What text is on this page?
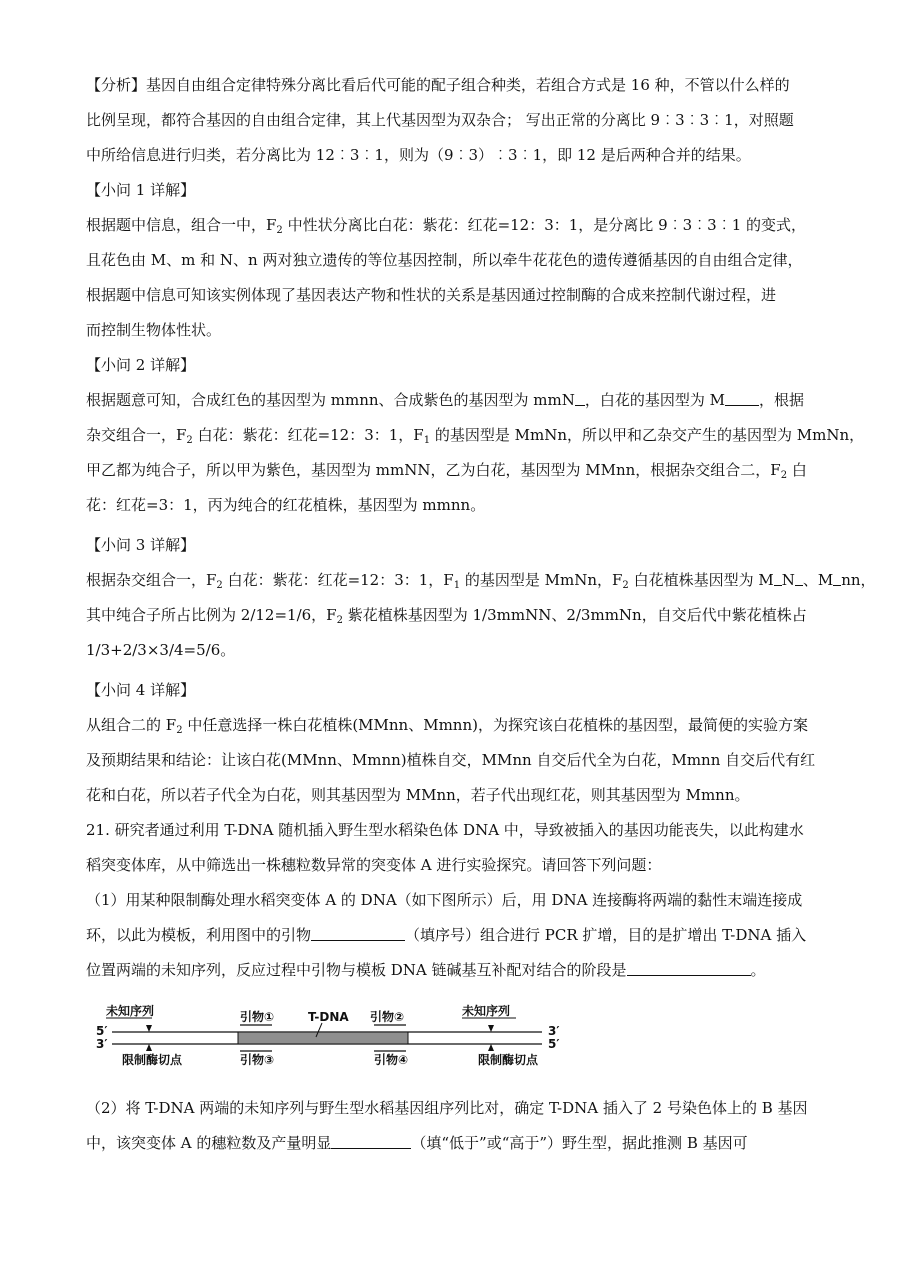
【分析】基因自由组合定律特殊分离比看后代可能的配子组合种类，若组合方式是 16 种，不管以什么样的
比例呈现，都符合基因的自由组合定律，其上代基因型为双杂合； 写出正常的分离比 9︰3︰3︰1，对照题
中所给信息进行归类，若分离比为 12︰3︰1，则为（9︰3）︰3︰1，即 12 是后两种合并的结果。
【小问 1 详解】
根据题中信息，组合一中，$F_2$ 中性状分离比白花：紫花：红花=12：3：1，是分离比 9︰3︰3︰1 的变式，
且花色由 M、m 和 N、n 两对独立遗传的等位基因控制，所以牵牛花花色的遗传遵循基因的自由组合定律，
根据题中信息可知该实例体现了基因表达产物和性状的关系是基因通过控制酶的合成来控制代谢过程，进
而控制生物体性状。
【小问 2 详解】
根据题意可知，合成红色的基因型为 mmnn、合成紫色的基因型为 mmN ，白花的基因型为 M ，根据
杂交组合一，$F_2$ 白花：紫花：红花=12：3：1，$F_1$ 的基因型是 MmNn，所以甲和乙杂交产生的基因型为 MmNn，
甲乙都为纯合子，所以甲为紫色，基因型为 mmNN，乙为白花，基因型为 MMnn，根据杂交组合二，$F_2$ 白
花：红花=3：1，丙为纯合的红花植株，基因型为 mmnn。
【小问 3 详解】
根据杂交组合一，$F_2$ 白花：紫花：红花=12：3：1，$F_1$ 的基因型是 MmNn，$F_2$ 白花植株基因型为 M N 、M nn，
其中纯合子所占比例为 2/12=1/6，$F_2$ 紫花植株基因型为 1/3mmNN、2/3mmNn，自交后代中紫花植株占
1/3+2/3×3/4=5/6。
【小问 4 详解】
从组合二的 $F_2$ 中任意选择一株白花植株(MMnn、Mmnn)，为探究该白花植株的基因型，最简便的实验方案
及预期结果和结论：让该白花(MMnn、Mmnn)植株自交，MMnn 自交后代全为白花，Mmnn 自交后代有红
花和白花，所以若子代全为白花，则其基因型为 MMnn，若子代出现红花，则其基因型为 Mmnn。
21. 研究者通过利用 T-DNA 随机插入野生型水稻染色体 DNA 中，导致被插入的基因功能丧失，以此构建水
稻突变体库，从中筛选出一株穗粒数异常的突变体 A 进行实验探究。请回答下列问题：
（1）用某种限制酶处理水稻突变体 A 的 DNA（如下图所示）后，用 DNA 连接酶将两端的黏性末端连接成
环，以此为模板，利用图中的引物	（填序号）组合进行 PCR 扩增，目的是扩增出 T-DNA 插入
位置两端的未知序列，反应过程中引物与模板 DNA 链碱基互补配对结合的阶段是	。
5′
3′
T-DNA
未知序列	引物①	引物②	未知序列
3′
5′
限制酶切点	引物③	引物④	限制酶切点
（2）将 T-DNA 两端的未知序列与野生型水稻基因组序列比对，确定 T-DNA 插入了 2 号染色体上的 B 基因
中，该突变体 A 的穗粒数及产量明显	（填“低于”或“高于”）野生型，据此推测 B 基因可
